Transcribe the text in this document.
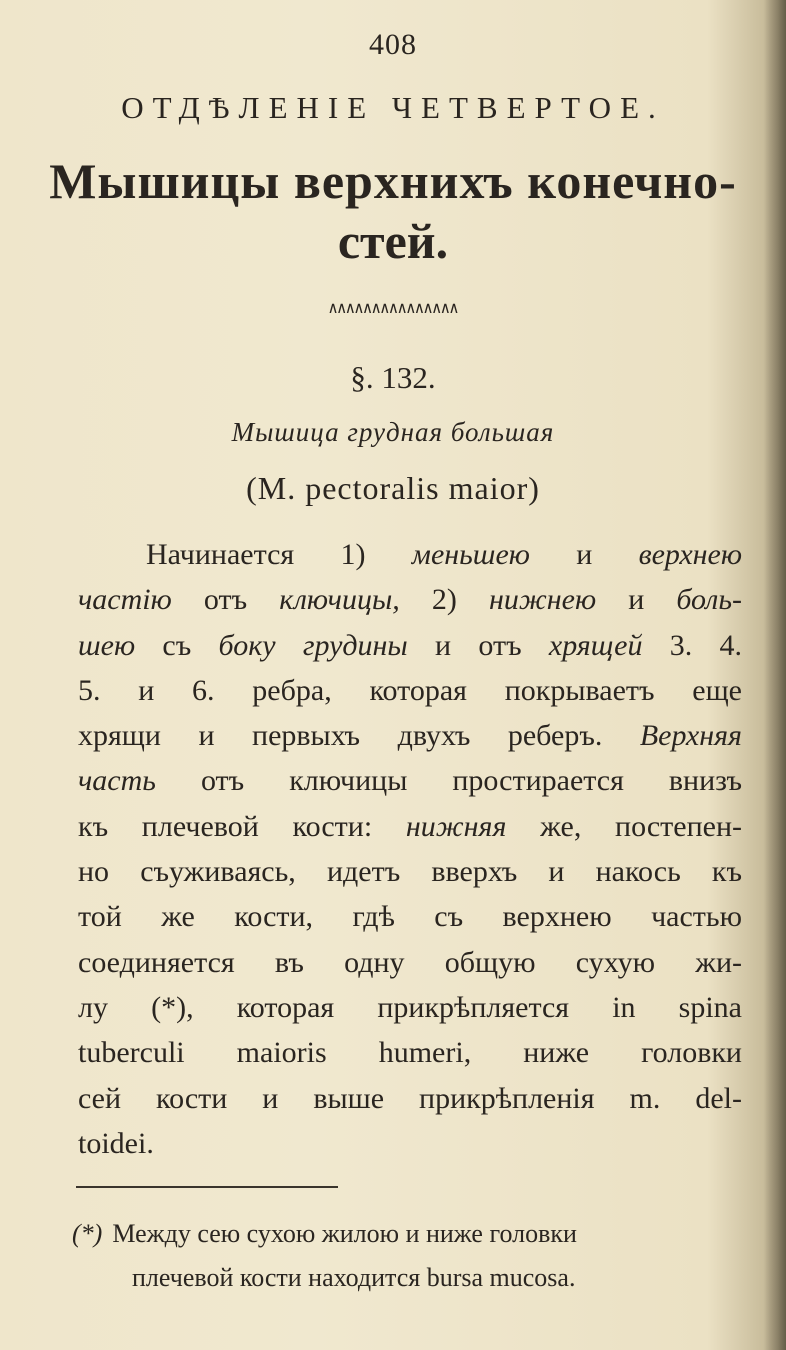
408
ОТДѢЛЕНІЕ ЧЕТВЕРТОЕ.
Мышицы верхнихъ конечно-
стей.
∧∧∧∧∧∧∧∧∧∧∧∧∧∧∧
§. 132.
Мышица грудная большая
(M. pectoralis maior)
Начинается 1) меньшею и верхнею
частію отъ ключицы, 2) нижнею и боль-
шею съ боку грудины и отъ хрящей 3. 4.
5. и 6. ребра, которая покрываетъ еще
хрящи и первыхъ двухъ реберъ. Верхняя
часть отъ ключицы простирается внизъ
къ плечевой кости: нижняя же, постепен-
но съуживаясь, идетъ вверхъ и накось къ
той же кости, гдѣ съ верхнею частью
соединяется въ одну общую сухую жи-
лу (*), которая прикрѣпляется in spina
tuberculi maioris humeri, ниже головки
сей кости и выше прикрѣпленія m. del-
toidei.
(*) Между сею сухою жилою и ниже головки
плечевой кости находится bursa mucosa.
